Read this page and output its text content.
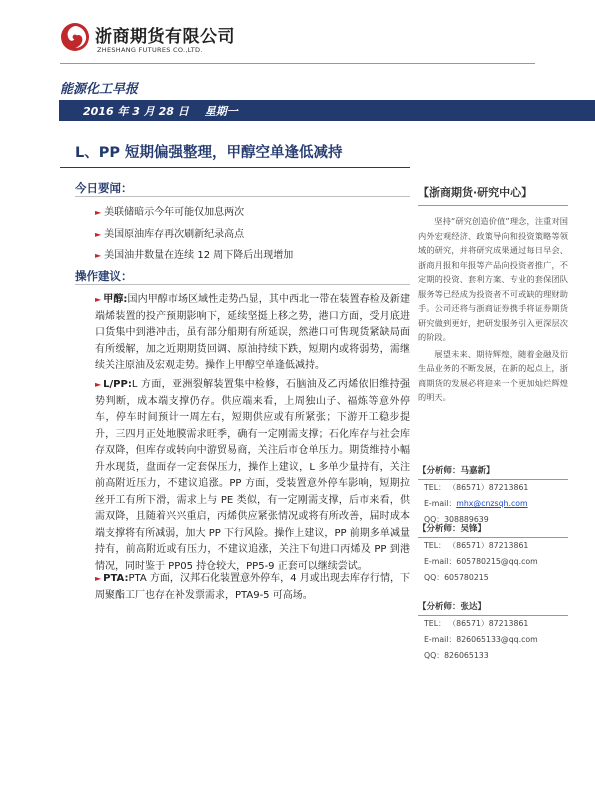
浙商期货有限公司
ZHESHANG FUTURES CO.,LTD.
能源化工早报
2016 年 3 月 28 日 星期一
L、PP 短期偏强整理，甲醇空单逢低减持
今日要闻：
► 美联储暗示今年可能仅加息两次
► 美国原油库存再次刷新纪录高点
► 美国油井数量在连续 12 周下降后出现增加
操作建议：
► 甲醇:国内甲醇市场区域性走势凸显，其中西北一带在装置春检及新建端烯装置的投产预期影响下，延续坚挺上移之势，港口方面，受月底进口货集中到港冲击，虽有部分船期有所延误，然港口可售现货紧缺局面有所缓解，加之近期期货回调、原油持续下跌，短期内或将弱势，需继续关注原油及宏观走势。操作上甲醇空单逢低减持。
► L/PP:L 方面，亚洲裂解装置集中检修，石脑油及乙丙烯依旧维持强势判断，成本端支撑仍存。供应端来看，上周独山子、福炼等意外停车，停车时间预计一周左右，短期供应或有所紧张；下游开工稳步提升，三四月正处地膜需求旺季，确有一定刚需支撑；石化库存与社会库存双降，但库存或转向中游贸易商，关注后市仓单压力。期货维持小幅升水现货，盘面存一定套保压力，操作上建议，L 多单少量持有，关注前高附近压力，不建议追涨。PP 方面，受装置意外停车影响，短期拉丝开工有所下滑，需求上与 PE 类似，有一定刚需支撑，后市来看，供需双降，且随着兴兴重启，丙烯供应紧张情况或将有所改善，届时成本端支撑将有所减弱，加大 PP 下行风险。操作上建议，PP 前期多单减量持有，前高附近或有压力，不建议追涨，关注下旬进口丙烯及 PP 到港情况，同时鉴于 PP05 持仓较大，PP5-9 正套可以继续尝试。
► PTA:PTA 方面，汉邦石化装置意外停车，4 月或出现去库存行情，下周聚酯工厂也存在补发票需求，PTA9-5 可高场。
【浙商期货·研究中心】
坚持“研究创造价值”理念，注重对国内外宏观经济、政策导向和投资策略等领域的研究，并将研究成果通过每日早会、浙商月报和年报等产品向投资者推广，不定期的投资、套利方案、专业的套保团队服务等已经成为投资者不可或缺的理财助手。公司还将与浙商证券携手将证券期货研究做到更好，把研发服务引入更深层次的阶段。
展望未来、期待辉煌，随着金融及衍生品业务的不断发展，在新的起点上，浙商期货的发展必将迎来一个更加灿烂辉煌的明天。
【分析师：马嘉新】
TEL： （86571）87213861
E-mail：mhx@cnzsqh.com
QQ：308889639
【分析师：吴锋】
TEL： （86571）87213861
E-mail：605780215@qq.com
QQ：605780215
【分析师：张达】
TEL： （86571）87213861
E-mail：826065133@qq.com
QQ：826065133
